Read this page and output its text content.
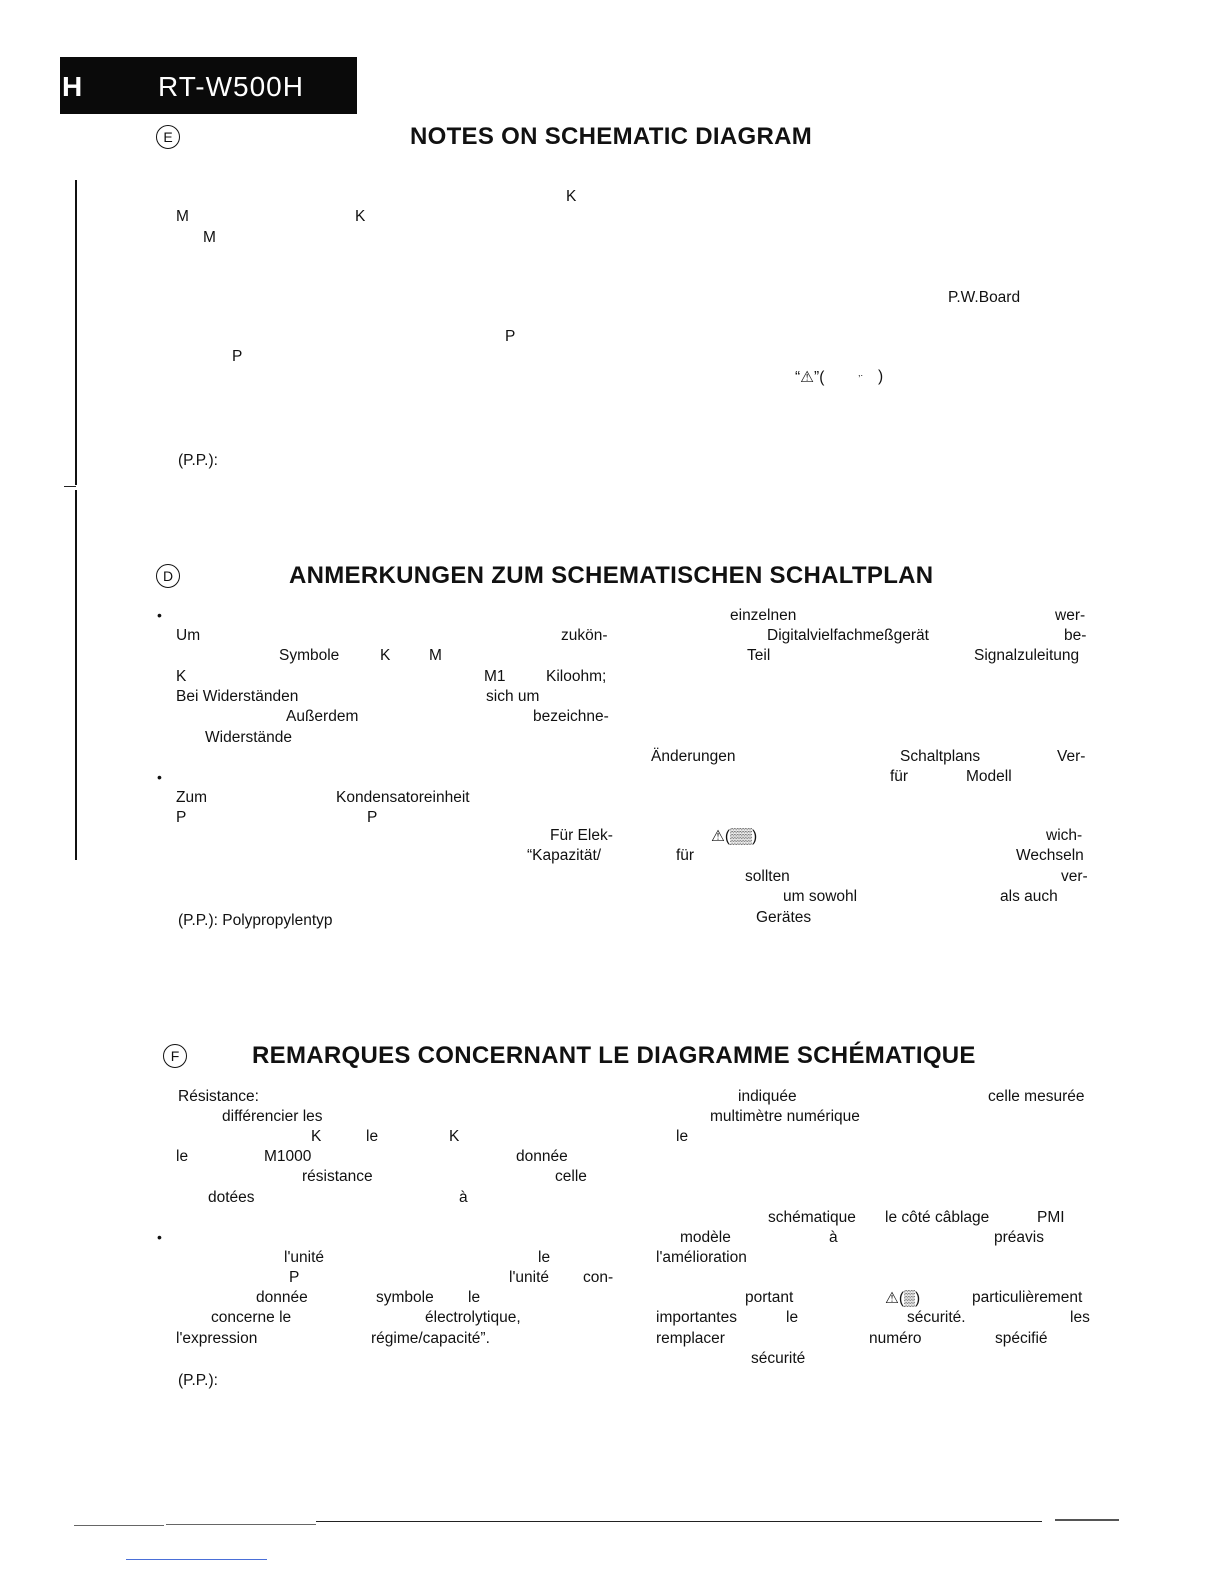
H	RT-W500H
E	NOTES ON SCHEMATIC DIAGRAM
K
M	K
M
P.W.Board
P
P
“⚠”(	,. )
(P.P.):
D	ANMERKUNGEN ZUM SCHEMATISCHEN SCHALTPLAN
•
•
Um	zukön-
Symbole	K M
K	M1	Kiloohm;
Bei Widerständen	sich um
Außerdem	bezeichne-
Widerstände
Zum	Kondensatoreinheit
P	P
Für Elek-
“Kapazität/
(P.P.): Polypropylentyp
einzelnen	wer-
Digitalvielfachmeßgerät	be-
Teil	Signalzuleitung
Änderungen	Schaltplans	Ver-
für	Modell
⚠(▒▒)	wich-
für	Wechseln
sollten	ver-
um sowohl	als auch
Gerätes
F	REMARQUES CONCERNANT LE DIAGRAMME SCHÉMATIQUE
•
Résistance:
différencier les
K	le	K
le	M1000	donnée
résistance	celle
dotées	à
l'unité	le
P	l'unité con-
donnée	symbole le
concerne le	électrolytique,
l'expression	régime/capacité”.
(P.P.):
indiquée	celle mesurée
multimètre numérique
le
schématique le côté câblage	PMI
modèle	à	préavis
l'amélioration
portant	⚠(▒)	particulièrement
importantes	le	sécurité.	les
remplacer	numéro	spécifié
sécurité
